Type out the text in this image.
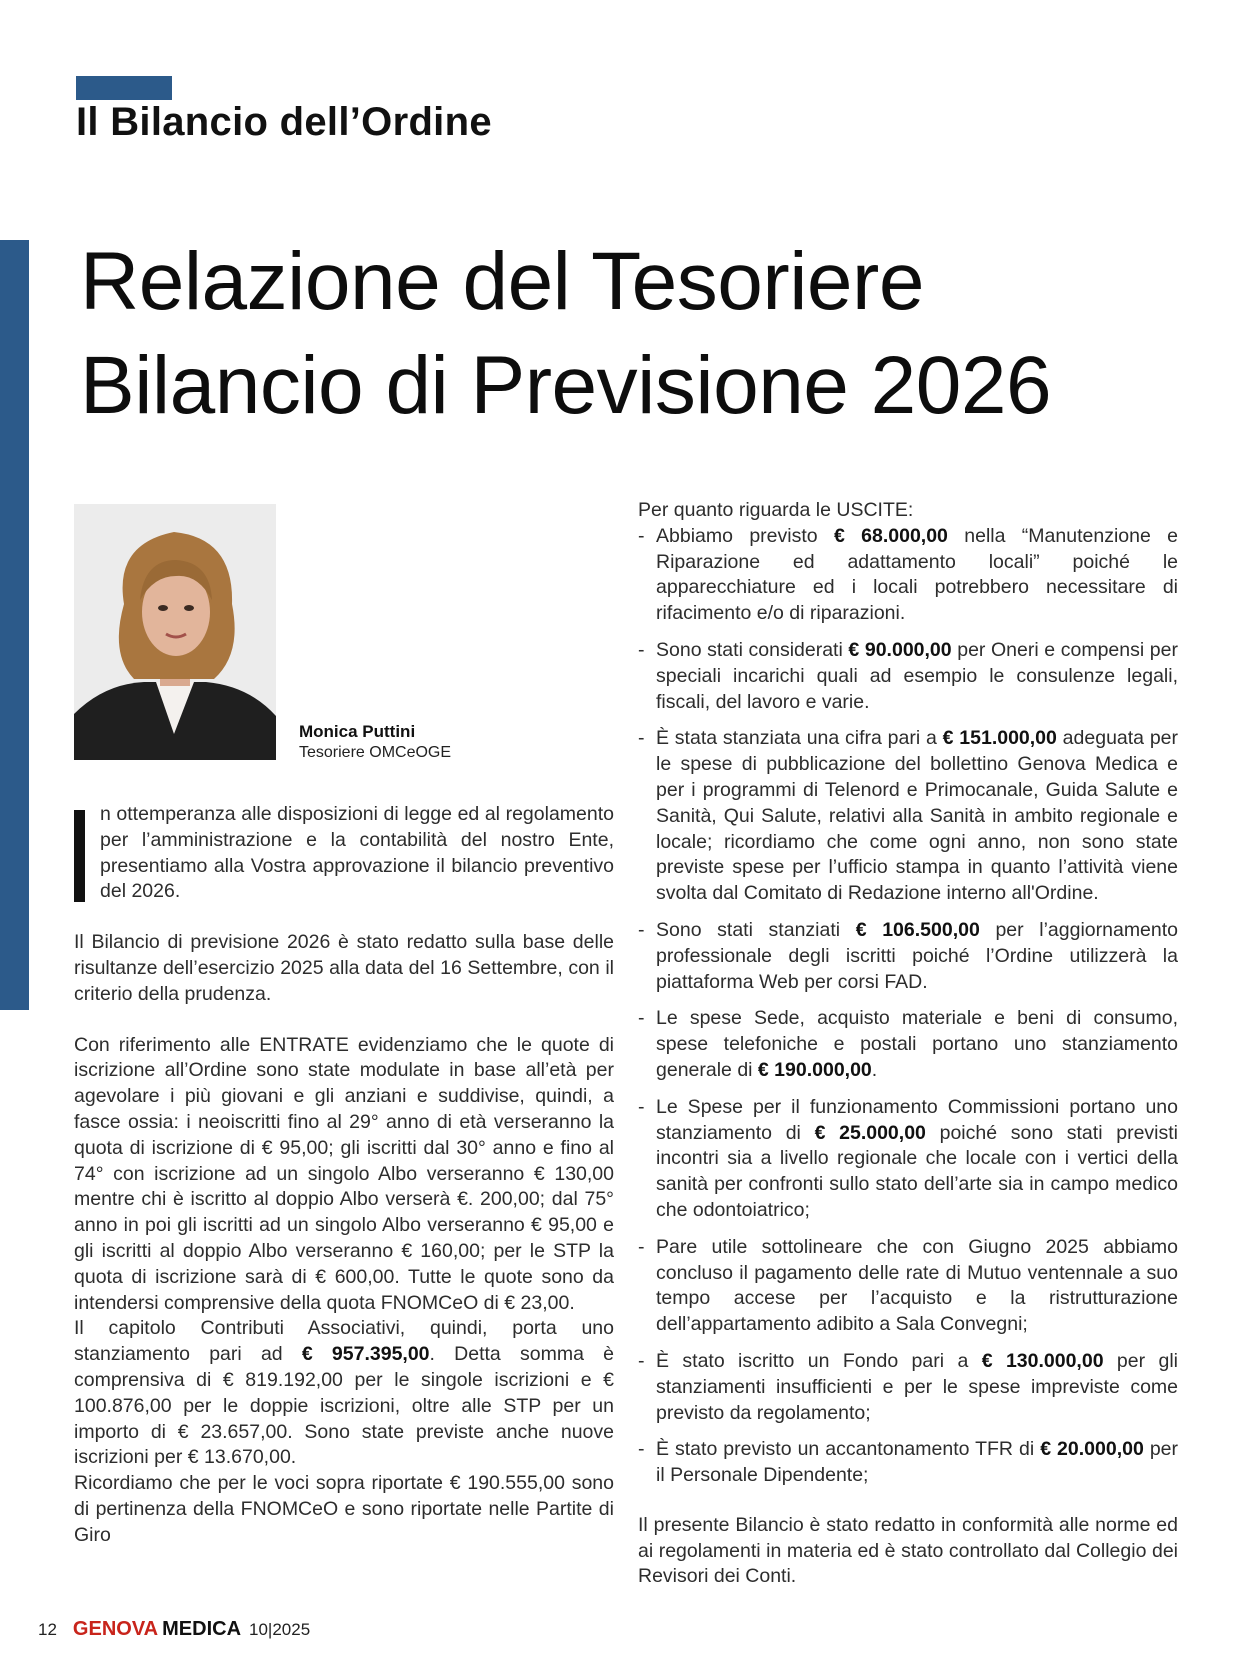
Il Bilancio dell’Ordine
Relazione del Tesoriere
Bilancio di Previsione 2026
Monica Puttini
Tesoriere OMCeOGE

n ottemperanza alle disposizioni di legge ed al regolamento per l’amministrazione e la contabilità del nostro Ente, presentiamo alla Vostra approvazione il bilancio preventivo del 2026.

Il Bilancio di previsione 2026 è stato redatto sulla base delle risultanze dell’esercizio 2025 alla data del 16 Settembre, con il criterio della prudenza.

Con riferimento alle ENTRATE evidenziamo che le quote di iscrizione all’Ordine sono state modulate in base all’età per agevolare i più giovani e gli anziani e suddivise, quindi, a fasce ossia: i neoiscritti fino al 29° anno di età verseranno la quota di iscrizione di € 95,00; gli iscritti dal 30° anno e fino al 74° con iscrizione ad un singolo Albo verseranno € 130,00 mentre chi è iscritto al doppio Albo verserà €. 200,00; dal 75° anno in poi gli iscritti ad un singolo Albo verseranno € 95,00 e gli iscritti al doppio Albo verseranno € 160,00; per le STP la quota di iscrizione sarà di € 600,00. Tutte le quote sono da intendersi comprensive della quota FNOMCeO di € 23,00.

Il capitolo Contributi Associativi, quindi, porta uno stanziamento pari ad € 957.395,00. Detta somma è comprensiva di € 819.192,00 per le singole iscrizioni e € 100.876,00 per le doppie iscrizioni, oltre alle STP per un importo di € 23.657,00. Sono state previste anche nuove iscrizioni per € 13.670,00.

Ricordiamo che per le voci sopra riportate € 190.555,00 sono di pertinenza della FNOMCeO e sono riportate nelle Partite di Giro

Per quanto riguarda le USCITE:

- Abbiamo previsto € 68.000,00 nella “Manutenzione e Riparazione ed adattamento locali” poiché le apparecchiature ed i locali potrebbero necessitare di rifacimento e/o di riparazioni.
- Sono stati considerati € 90.000,00 per Oneri e compensi per speciali incarichi quali ad esempio le consulenze legali, fiscali, del lavoro e varie.
- È stata stanziata una cifra pari a € 151.000,00 adeguata per le spese di pubblicazione del bollettino Genova Medica e per i programmi di Telenord e Primocanale, Guida Salute e Sanità, Qui Salute, relativi alla Sanità in ambito regionale e locale; ricordiamo che come ogni anno, non sono state previste spese per l’ufficio stampa in quanto l’attività viene svolta dal Comitato di Redazione interno all'Ordine.
- Sono stati stanziati € 106.500,00 per l’aggiornamento professionale degli iscritti poiché l’Ordine utilizzerà la piattaforma Web per corsi FAD.
- Le spese Sede, acquisto materiale e beni di consumo, spese telefoniche e postali portano uno stanziamento generale di € 190.000,00.
- Le Spese per il funzionamento Commissioni portano uno stanziamento di € 25.000,00 poiché sono stati previsti incontri sia a livello regionale che locale con i vertici della sanità per confronti sullo stato dell’arte sia in campo medico che odontoiatrico;
- Pare utile sottolineare che con Giugno 2025 abbiamo concluso il pagamento delle rate di Mutuo ventennale a suo tempo accese per l’acquisto e la ristrutturazione dell’appartamento adibito a Sala Convegni;
- È stato iscritto un Fondo pari a € 130.000,00 per gli stanziamenti insufficienti e per le spese impreviste come previsto da regolamento;
- È stato previsto un accantonamento TFR di € 20.000,00 per il Personale Dipendente;

Il presente Bilancio è stato redatto in conformità alle norme ed ai regolamenti in materia ed è stato controllato dal Collegio dei Revisori dei Conti.

12 GENOVA MEDICA 10|2025
